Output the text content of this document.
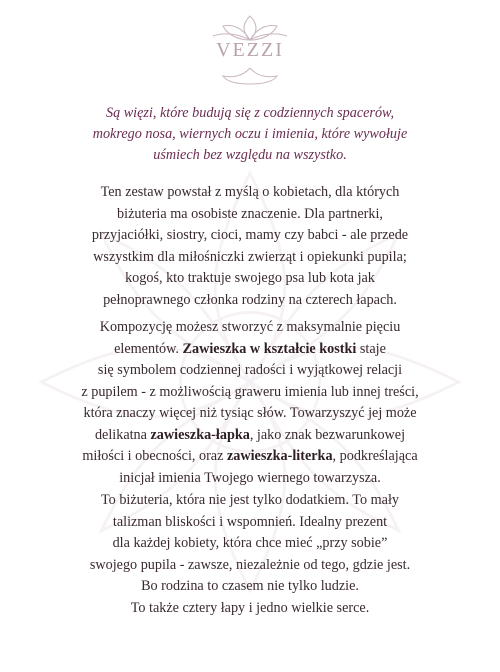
VEZZI

Są więzi, które budują się z codziennych spacerów,
mokrego nosa, wiernych oczu i imienia, które wywołuje
uśmiech bez względu na wszystko.

Ten zestaw powstał z myślą o kobietach, dla których
biżuteria ma osobiste znaczenie. Dla partnerki,
przyjaciółki, siostry, cioci, mamy czy babci - ale przede
wszystkim dla miłośniczki zwierząt i opiekunki pupila;
kogoś, kto traktuje swojego psa lub kota jak
pełnoprawnego członka rodziny na czterech łapach.

Kompozycję możesz stworzyć z maksymalnie pięciu
elementów. Zawieszka w kształcie kostki staje
się symbolem codziennej radości i wyjątkowej relacji
z pupilem - z możliwością graweru imienia lub innej treści,
która znaczy więcej niż tysiąc słów. Towarzyszyć jej może
delikatna zawieszka-łapka, jako znak bezwarunkowej
miłości i obecności, oraz zawieszka-literka, podkreślająca
inicjał imienia Twojego wiernego towarzysza.

To biżuteria, która nie jest tylko dodatkiem. To mały
talizman bliskości i wspomnień. Idealny prezent
dla każdej kobiety, która chce mieć „przy sobie”
swojego pupila - zawsze, niezależnie od tego, gdzie jest.
Bo rodzina to czasem nie tylko ludzie.
To także cztery łapy i jedno wielkie serce.
